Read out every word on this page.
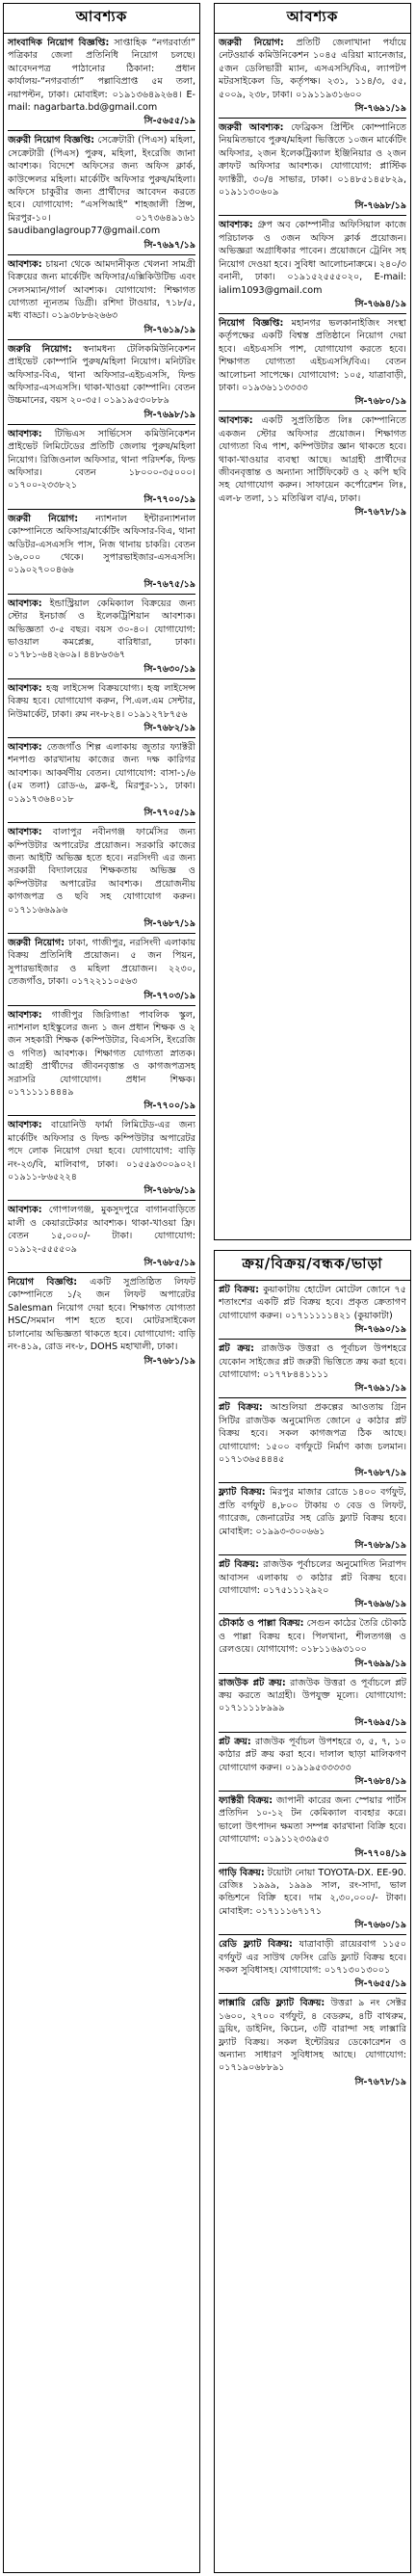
আবশ্যক

সাংবাদিক নিয়োগ বিজ্ঞপ্তি: সাপ্তাহিক “নগরবার্তা” পত্রিকার জেলা প্রতিনিধি নিয়োগ চলছে। আবেদনপত্র পাঠানোর ঠিকানা: প্রধান কার্যালয়-“নগরবার্তা” পল্লাবিপ্রাপ্ত ৫ম তলা, নয়াপল্টন, ঢাকা। মোবাইল: ০১৯১৩৬৪৯২৬৪। E-mail: nagarbarta.bd@gmail.com

সি-৫৬৫৫/১৯

জরুরী নিয়োগ বিজ্ঞপ্তি: সেক্রেটারী (পিএস) মহিলা, সেক্রেটারী (পিএস) পুরুষ, মহিলা, ইংরেজি জানা আবশ্যক। বিদেশে অফিসের জন্য অফিস ক্লার্ক, কাউন্সেলর মহিলা। মার্কেটিং অফিসার পুরুষ/মহিলা। অফিসে চাকুরীর জন্য প্রার্থীদের আবেদন করতে হবে। যোগাযোগ: “এসপিআই” শাহজালী প্রিন্স, মিরপুর-১০। ০১৭৩৬৪৯১৬১ saudibanglagroup77@gmail.com

সি-৭৬৯৭/১৯

আবশ্যক: চায়না থেকে আমদানীকৃত খেলনা সামগ্রী বিক্রয়ের জন্য মার্কেটিং অফিসার/এক্সিকিউটিভ এবং সেলসম্যান/গার্ল আবশ্যক। যোগাযোগ: শিক্ষাগত যোগ্যতা ন্যূনতম ডিগ্রী। রশিদা টাওয়ার, ৭১৮/৫, মধ্য বাড্ডা। ০১৯৩৮৮৬২৬৬৩

সি-৭৬১৯/১৯

জরুরি নিয়োগ: স্বনামধন্য টেলিকমিউনিকেশন প্রাইভেট কোম্পানি পুরুষ/মহিলা নিয়োগ। মনিটরিং অফিসার-বিএ, থানা অফিসার-এইচএসসি, ফিল্ড অফিসার-এসএসসি। থাকা-খাওয়া কোম্পানি। বেতন উচ্চমানের, বয়স ২০-৩৫। ০১৯১৯৫৩০৮৮৯

সি-৭৬৯৮/১৯

আবশ্যক: টিভিএস সার্ভিসেস কমিউনিকেশন প্রাইভেট লিমিটেডের প্রতিটি জেলায় পুরুষ/মহিলা নিয়োগ। রিজিওনাল অফিসার, থানা পরিদর্শক, ফিল্ড অফিসার। বেতন ১৮০০০-৩৫০০০। ০১৭০০-২৩৩৮২১

সি-৭৭০০/১৯

জরুরী নিয়োগ: ন্যাশনাল ইন্টারন্যাশনাল কোম্পানিতে অফিসার/মার্কেটিং অফিসার-বিএ, থানা অডিটর-এসএসসি পাস, নিজ থানায় চাকরি। বেতন ১৬,০০০ থেকে। সুপারভাইজার-এসএসসি। ০১৯০২৭০০৪৬৬

সি-৭৬৭৫/১৯

আবশ্যক: ইন্ডাস্ট্রিয়াল কেমিক্যাল বিক্রয়ের জন্য স্টোর ইনচার্জ ও ইলেকট্রিশিয়ান আবশ্যক। অভিজ্ঞতা ৩-৫ বছর। বয়স ৩০-৪০। যোগাযোগ: ভাওয়াল কমপ্লেক্স, বারিধারা, ঢাকা। ০১৭৮১-৬৪২৬০৯। ৪৪৮৬৩৬৭

সি-৭৬৩০/১৯

আবশ্যক: হজ্ব লাইসেন্স বিক্রয়যোগ্য। হজ্ব লাইসেন্স বিক্রয় হবে। যোগাযোগ করুন, পি.এল.এম সেন্টার, নিউমার্কেট, ঢাকা। রুম নং-৮২৪। ০১৯১২৭৮৭৫৬

সি-৭৬৮২/১৯

আবশ্যক: তেজগাঁও শিল্প এলাকায় জুতার ফ্যাক্টরী শনপাগু কারখানায় কাজের জন্য দক্ষ কারিগর আবশ্যক। আকর্ষণীয় বেতন। যোগাযোগ: বাসা-১/৬ (৫ম তলা) রোড-৬, ব্লক-ই, মিরপুর-১১, ঢাকা। ০১৯১৭৩৬৪০১৮

সি-৭৭০৫/১৯

আবশ্যক: বালাপুর নবীনগঞ্জ ফার্মেসির জন্য কম্পিউটার অপারেটর প্রয়োজন। সরকারি কাজের জন্য আইটি অভিজ্ঞ হতে হবে। নরসিংদী এর জন্য সরকারী বিদ্যালয়ের শিক্ষকতায় অভিজ্ঞ ও কম্পিউটার অপারেটর আবশ্যক। প্রয়োজনীয় কাগজপত্র ও ছবি সহ যোগাযোগ করুন। ০১৭১১৬৬৯৯৬

সি-৭৬৮৭/১৯

জরুরী নিয়োগ: ঢাকা, গাজীপুর, নরসিংদী এলাকায় বিক্রয় প্রতিনিধি প্রয়োজন। ৫ জন পিয়ন, সুপারভাইজার ও মহিলা প্রয়োজন। ২২৩০, তেজগাঁও, ঢাকা। ০১৭২২১১০৫৬৩

সি-৭৭০৩/১৯

আবশ্যক: গাজীপুর জিরিগাঙা পাবলিক স্কুল, ন্যাশনাল হাইস্কুলের জন্য ১ জন প্রধান শিক্ষক ও ২ জন সহকারী শিক্ষক (কম্পিউটার, বিএসসি, ইংরেজি ও গণিত) আবশ্যক। শিক্ষাগত যোগ্যতা স্নাতক। আগ্রহী প্রার্থীদের জীবনবৃত্তান্ত ও কাগজপত্রসহ সরাসরি যোগাযোগ। প্রধান শিক্ষক। ০১৭১১১১৪৪৪৯

সি-৭৭০০/১৯

আবশ্যক: বায়োনিউ ফার্মা লিমিটেড-এর জন্য মার্কেটিং অফিসার ও ফিল্ড কম্পিউটার অপারেটর পদে লোক নিয়োগ দেয়া হবে। যোগাযোগ: বাড়ি নং-২৩/বি, মালিবাগ, ঢাকা। ০১৫৫৯৩০০৯০২। ০১৯১১-৮৬৫২২৪

সি-৭৬৮৬/১৯

আবশ্যক: গোপালগঞ্জ, মুকসুদপুরে বাগানবাড়িতে মালী ও কেয়ারটেকার আবশ্যক। থাকা-খাওয়া ফ্রি। বেতন ১৫,০০০/- টাকা। যোগাযোগ: ০১৯১২-৫৫৫৫০৯

সি-৭৬৮৫/১৯

নিয়োগ বিজ্ঞপ্তি: একটি সুপ্রতিষ্ঠিত লিফট কোম্পানিতে ১/২ জন লিফট অপারেটর Salesman নিয়োগ দেয়া হবে। শিক্ষাগত যোগ্যতা HSC/সমমান পাশ হতে হবে। মোটরসাইকেল চালানোয় অভিজ্ঞতা থাকতে হবে। যোগাযোগ: বাড়ি নং-৪১৯, রোড নং-৮, DOHS মহাখালী, ঢাকা।

সি-৭৬৮১/১৯
আবশ্যক

জরুরী নিয়োগ: প্রতিটি জেলাখানা পর্যায়ে নেটওয়ার্ক কমিউনিকেশন ১০৪৫ এরিয়া ম্যানেজার, ৫জন ডেলিভারী ম্যান, এসএসসি/বিএ, ল্যাপটপ মটরসাইকেল ডি, কর্তৃপক্ষ। ২৩১, ১১৪/৩, ৫৫, ৫০০৯, ২৩৮, ঢাকা। ০১৯১১৯৩১৬০০

সি-৭৬৯১/১৯

জরুরী আবশ্যক: ফেব্রিকস প্রিন্টিং কোম্পানিতে নিয়মিতভাবে পুরুষ/মহিলা ভিত্তিতে ১০জন মার্কেটিং অফিসার, ২জন ইলেকট্রিক্যাল ইঞ্জিনিয়ার ও ২জন ক্রাফট অফিসার আবশ্যক। যোগাযোগ: প্লাস্টিক ফ্যাক্টরী, ৩০/৪ সাভার, ঢাকা। ০১৪৮৫১৪৫৮২৯, ০১৯১১৩০৬০৯

সি-৭৬৯৮/১৯

আবশ্যক: গ্রুপ অব কোম্পানীর অফিসিয়াল কাজে পরিচালক ও ৩জন অফিস ক্লার্ক প্রয়োজন। অভিজ্ঞরা অগ্রাধিকার পাবেন। প্রয়োজনে ট্রেনিং সহ নিয়োগ দেওয়া হবে। সুবিধা আলোচনাক্রমে। ২৪০/৩ বনানী, ঢাকা। ০১৯১৫২৫৫৫০২০, E-mail: ialim1093@gmail.com

সি-৭৬৯৪/১৯

নিয়োগ বিজ্ঞপ্তি: মহানগর ভলকানাইজিং সংস্থা কর্তৃপক্ষের একটি বিশ্বস্ত প্রতিষ্ঠানে নিয়োগ দেয়া হবে। এইচএসসি পাশ, যোগাযোগ করতে হবে। শিক্ষাগত যোগ্যতা এইচএসসি/বিএ। বেতন আলোচনা সাপেক্ষে। যোগাযোগ: ১০৫, যাত্রাবাড়ী, ঢাকা। ০১৯৩৬১১৩৩৩৩

সি-৭৬৮০/১৯

আবশ্যক: একটি সুপ্রতিষ্ঠিত লিঃ কোম্পানিতে একজন স্টোর অফিসার প্রয়োজন। শিক্ষাগত যোগ্যতা বিএ পাশ, কম্পিউটার জ্ঞান থাকতে হবে। থাকা-খাওয়ার ব্যবস্থা আছে। আগ্রহী প্রার্থীদের জীবনবৃত্তান্ত ও অন্যান্য সার্টিফিকেট ও ২ কপি ছবি সহ যোগাযোগ করুন। সাফায়েন কর্পোরেশন লিঃ, এল-৮ তলা, ১১ মতিঝিল বা/এ, ঢাকা।

সি-৭৬৭৮/১৯
ক্রয়/বিক্রয়/বন্ধক/ভাড়া

প্লট বিক্রয়: কুয়াকাটায় হোটেল মোটেল জোনে ৭৫ শতাংশের একটি প্লট বিক্রয় হবে। প্রকৃত ক্রেতাগণ যোগাযোগ করুন। ০১৭১১১১১৪২১ (কুয়াকাটা)

সি-৭৬৯০/১৯

প্লট ক্রয়: রাজউক উত্তরা ও পূর্বাচল উপশহরে যেকোন সাইজের প্লট জরুরী ভিত্তিতে ক্রয় করা হবে। যোগাযোগ: ০১৭৭৮৪৪১১১১

সি-৭৬৯১/১৯

প্লট বিক্রয়: আশুলিয়া প্রকল্পের আওতায় গ্রিন সিটির রাজউক অনুমোদিত জোনে ৫ কাঠার প্লট বিক্রয় হবে। সকল কাগজপত্র ঠিক আছে। যোগাযোগ: ১৫০০ বর্গফুটে নির্মাণ কাজ চলমান। ০১৭১৩৬৫৪৪৪৫

সি-৭৬৮৭/১৯

ফ্ল্যাট বিক্রয়: মিরপুর মাজার রোডে ১৪০০ বর্গফুট, প্রতি বর্গফুট ৪,৮০০ টাকায় ৩ বেড ও লিফট, গ্যারেজ, জেনারেটর সহ রেডি ফ্ল্যাট বিক্রয় হবে। মোবাইল: ০১৯৯৩-৩০০৬৬১

সি-৭৬৮৯/১৯

প্লট বিক্রয়: রাজউক পূর্বাচলের অনুমোদিত নিরাপদ আবাসন এলাকায় ৩ কাঠার প্লট বিক্রয় হবে। যোগাযোগ: ০১৭৫১১১২৯২০

সি-৭৬৯৬/১৯

চৌকাঠ ও পাল্লা বিক্রয়: সেগুন কাঠের তৈরি চৌকাঠ ও পাল্লা বিক্রয় হবে। পিলখানা, শীলতগঞ্জ ও রেলওয়ে। যোগাযোগ: ০১৮১১৬৯৩১০০

সি-৭৬৯৯/১৯

রাজউক প্লট ক্রয়: রাজউক উত্তরা ও পূর্বাচলে প্লট ক্রয় করতে আগ্রহী। উপযুক্ত মূল্যে। যোগাযোগ: ০১৭১১১১৮৯৯৯

সি-৭৬৯৫/১৯

প্লট ক্রয়: রাজউক পূর্বাচল উপশহরে ৩, ৫, ৭, ১০ কাঠার প্লট ক্রয় করা হবে। দালাল ছাড়া মালিকগণ যোগাযোগ করুন। ০১৯১৯৫৩৩৩৩৩

সি-৭৬৮৪/১৯

ফ্যাক্টরী বিক্রয়: জাপানী কারের জন্য স্পেয়ার পার্টস প্রতিদিন ১০-১২ টন কেমিক্যাল ব্যবহার করে। ভালো উৎপাদন ক্ষমতা সম্পন্ন কারখানা বিক্রি হবে। যোগাযোগ: ০১৯১১২৩৩৯৫৩

সি-৭৭০৪/১৯

গাড়ি বিক্রয়: টয়োটা নোয়া TOYOTA-DX. EE-90. রেজিঃ ১৯৯৯, ১৯৯৯ সাল, রং-সাদা, ভাল কন্ডিশনে বিক্রি হবে। দাম ২,৩০,০০০/- টাকা। মোবাইল: ০১৭১১১৬৭১৭১

সি-৭৬৬০/১৯

রেডি ফ্ল্যাট বিক্রয়: যাত্রাবাড়ী রায়েরবাগ ১১৫০ বর্গফুট এর সাউথ ফেসিং রেডি ফ্ল্যাট বিক্রয় হবে। সকল সুবিধাসহ। যোগাযোগ: ০১৭১৩০১৩০০১

সি-৭৬৫৫/১৯

লাক্সারি রেডি ফ্ল্যাট বিক্রয়: উত্তরা ৯ নং সেক্টর ১৬০০, ২৭০০ বর্গফুট, ৪ বেডরুম, ৪টি বাথরুম, ড্রয়িং, ডাইনিং, কিচেন, ৩টি বারান্দা সহ লাক্সারি ফ্ল্যাট বিক্রয়। সকল ইন্টেরিয়র ডেকোরেশন ও অন্যান্য সাধারণ সুবিধাসহ আছে। যোগাযোগ: ০১৭১৯০৬৮৮৯১

সি-৭৬৭৮/১৯
